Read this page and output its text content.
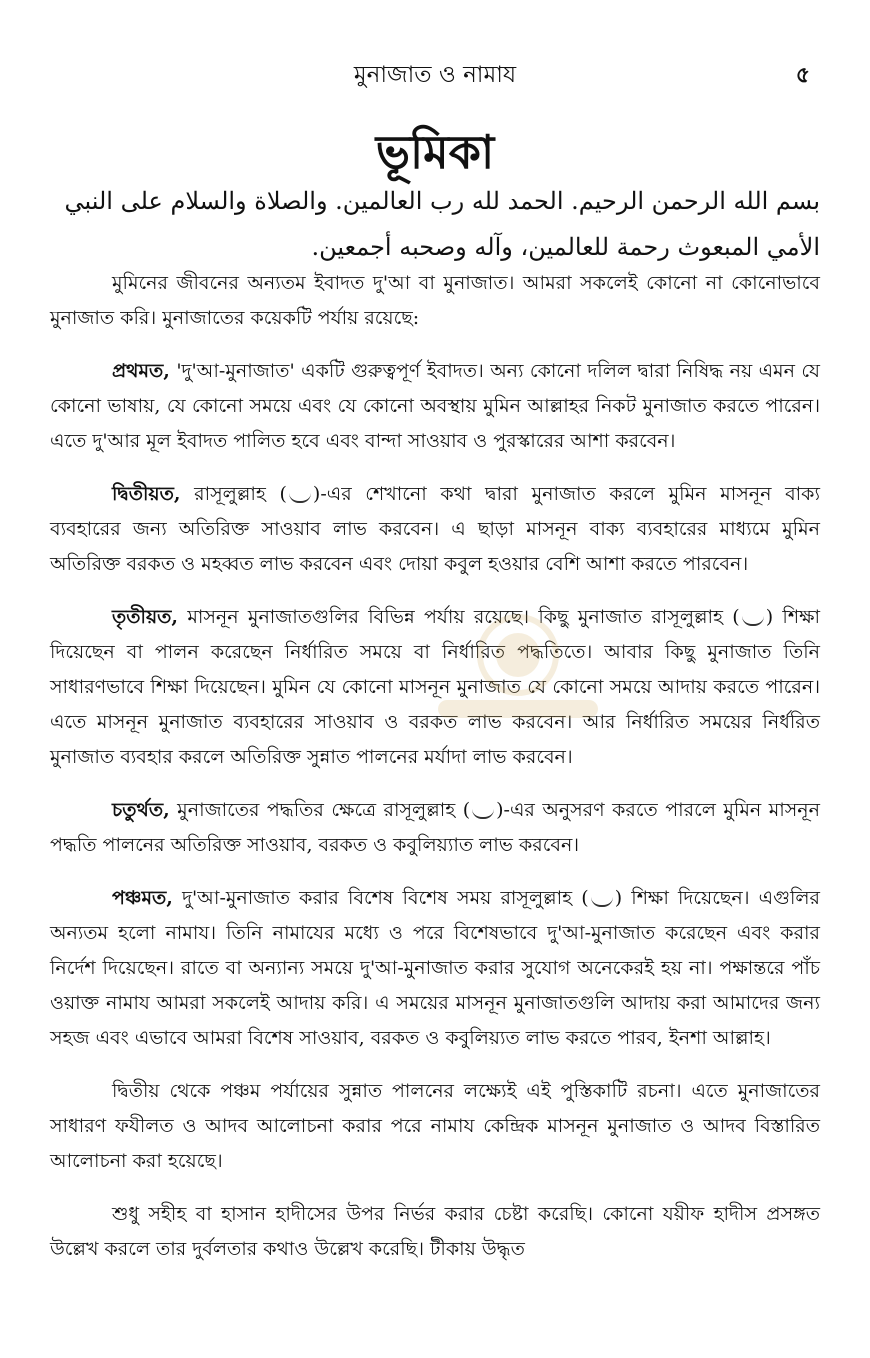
মুনাজাত ও নামায	৫
ভূমিকা
بسم الله الرحمن الرحيم. الحمد لله رب العالمين. والصلاة والسلام على النبي الأمي المبعوث رحمة للعالمين، وآله وصحبه أجمعين.

মুমিনের জীবনের অন্যতম ইবাদত দু'আ বা মুনাজাত। আমরা সকলেই কোনো না কোনোভাবে মুনাজাত করি। মুনাজাতের কয়েকটি পর্যায় রয়েছে:

প্রথমত, 'দু'আ-মুনাজাত' একটি গুরুত্বপূর্ণ ইবাদত। অন্য কোনো দলিল দ্বারা নিষিদ্ধ নয় এমন যে কোনো ভাষায়, যে কোনো সময়ে এবং যে কোনো অবস্থায় মুমিন আল্লাহর নিকট মুনাজাত করতে পারেন। এতে দু'আর মূল ইবাদত পালিত হবে এবং বান্দা সাওয়াব ও পুরস্কারের আশা করবেন।

দ্বিতীয়ত, রাসূলুল্লাহ ( )-এর শেখানো কথা দ্বারা মুনাজাত করলে মুমিন মাসনূন বাক্য ব্যবহারের জন্য অতিরিক্ত সাওয়াব লাভ করবেন। এ ছাড়া মাসনূন বাক্য ব্যবহারের মাধ্যমে মুমিন অতিরিক্ত বরকত ও মহব্বত লাভ করবেন এবং দোয়া কবুল হওয়ার বেশি আশা করতে পারবেন।

তৃতীয়ত, মাসনূন মুনাজাতগুলির বিভিন্ন পর্যায় রয়েছে। কিছু মুনাজাত রাসূলুল্লাহ ( ) শিক্ষা দিয়েছেন বা পালন করেছেন নির্ধারিত সময়ে বা নির্ধারিত পদ্ধতিতে। আবার কিছু মুনাজাত তিনি সাধারণভাবে শিক্ষা দিয়েছেন। মুমিন যে কোনো মাসনূন মুনাজাত যে কোনো সময়ে আদায় করতে পারেন। এতে মাসনূন মুনাজাত ব্যবহারের সাওয়াব ও বরকত লাভ করবেন। আর নির্ধারিত সময়ের নির্ধরিত মুনাজাত ব্যবহার করলে অতিরিক্ত সুন্নাত পালনের মর্যাদা লাভ করবেন।

চতুর্থত, মুনাজাতের পদ্ধতির ক্ষেত্রে রাসূলুল্লাহ ( )-এর অনুসরণ করতে পারলে মুমিন মাসনূন পদ্ধতি পালনের অতিরিক্ত সাওয়াব, বরকত ও কবুলিয়্যাত লাভ করবেন।

পঞ্চমত, দু'আ-মুনাজাত করার বিশেষ বিশেষ সময় রাসূলুল্লাহ ( ) শিক্ষা দিয়েছেন। এগুলির অন্যতম হলো নামায। তিনি নামাযের মধ্যে ও পরে বিশেষভাবে দু'আ-মুনাজাত করেছেন এবং করার নির্দেশ দিয়েছেন। রাতে বা অন্যান্য সময়ে দু'আ-মুনাজাত করার সুযোগ অনেকেরই হয় না। পক্ষান্তরে পাঁচ ওয়াক্ত নামায আমরা সকলেই আদায় করি। এ সময়ের মাসনূন মুনাজাতগুলি আদায় করা আমাদের জন্য সহজ এবং এভাবে আমরা বিশেষ সাওয়াব, বরকত ও কবুলিয়্যত লাভ করতে পারব, ইনশা আল্লাহ।

দ্বিতীয় থেকে পঞ্চম পর্যায়ের সুন্নাত পালনের লক্ষ্যেই এই পুস্তিকাটি রচনা। এতে মুনাজাতের সাধারণ ফযীলত ও আদব আলোচনা করার পরে নামায কেন্দ্রিক মাসনূন মুনাজাত ও আদব বিস্তারিত আলোচনা করা হয়েছে।

শুধু সহীহ বা হাসান হাদীসের উপর নির্ভর করার চেষ্টা করেছি। কোনো যয়ীফ হাদীস প্রসঙ্গত উল্লেখ করলে তার দুর্বলতার কথাও উল্লেখ করেছি। টীকায় উদ্ধৃত
